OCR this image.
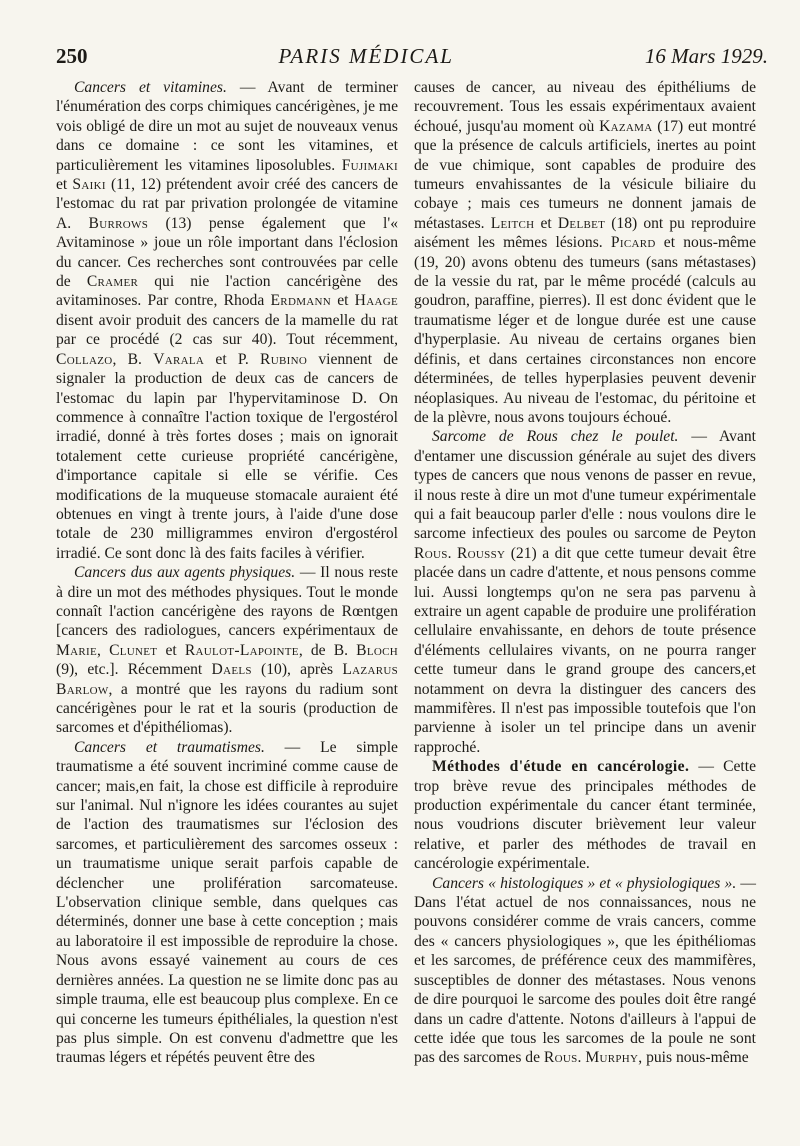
250	PARIS MÉDICAL	16 Mars 1929.

Cancers et vitamines. — Avant de terminer l'énumération des corps chimiques cancérigènes, je me vois obligé de dire un mot au sujet de nouveaux venus dans ce domaine : ce sont les vitamines, et particulièrement les vitamines liposolubles. Fujimaki et Saiki (11, 12) prétendent avoir créé des cancers de l'estomac du rat par privation prolongée de vitamine A. Burrows (13) pense également que l'« Avitaminose » joue un rôle important dans l'éclosion du cancer. Ces recherches sont controuvées par celle de Cramer qui nie l'action cancérigène des avitaminoses. Par contre, Rhoda Erdmann et Haage disent avoir produit des cancers de la mamelle du rat par ce procédé (2 cas sur 40). Tout récemment, Collazo, B. Varala et P. Rubino viennent de signaler la production de deux cas de cancers de l'estomac du lapin par l'hypervitaminose D. On commence à connaître l'action toxique de l'ergostérol irradié, donné à très fortes doses ; mais on ignorait totalement cette curieuse propriété cancérigène, d'importance capitale si elle se vérifie. Ces modifications de la muqueuse stomacale auraient été obtenues en vingt à trente jours, à l'aide d'une dose totale de 230 milligrammes environ d'ergostérol irradié. Ce sont donc là des faits faciles à vérifier.

Cancers dus aux agents physiques. — Il nous reste à dire un mot des méthodes physiques. Tout le monde connaît l'action cancérigène des rayons de Rœntgen [cancers des radiologues, cancers expérimentaux de Marie, Clunet et Raulot-Lapointe, de B. Bloch (9), etc.]. Récemment Daels (10), après Lazarus Barlow, a montré que les rayons du radium sont cancérigènes pour le rat et la souris (production de sarcomes et d'épithéliomas).

Cancers et traumatismes. — Le simple traumatisme a été souvent incriminé comme cause de cancer; mais,en fait, la chose est difficile à reproduire sur l'animal. Nul n'ignore les idées courantes au sujet de l'action des traumatismes sur l'éclosion des sarcomes, et particulièrement des sarcomes osseux : un traumatisme unique serait parfois capable de déclencher une prolifération sarcomateuse. L'observation clinique semble, dans quelques cas déterminés, donner une base à cette conception ; mais au laboratoire il est impossible de reproduire la chose. Nous avons essayé vainement au cours de ces dernières années. La question ne se limite donc pas au simple trauma, elle est beaucoup plus complexe. En ce qui concerne les tumeurs épithéliales, la question n'est pas plus simple. On est convenu d'admettre que les traumas légers et répétés peuvent être des

causes de cancer, au niveau des épithéliums de recouvrement. Tous les essais expérimentaux avaient échoué, jusqu'au moment où Kazama (17) eut montré que la présence de calculs artificiels, inertes au point de vue chimique, sont capables de produire des tumeurs envahissantes de la vésicule biliaire du cobaye ; mais ces tumeurs ne donnent jamais de métastases. Leitch et Delbet (18) ont pu reproduire aisément les mêmes lésions. Picard et nous-même (19, 20) avons obtenu des tumeurs (sans métastases) de la vessie du rat, par le même procédé (calculs au goudron, paraffine, pierres). Il est donc évident que le traumatisme léger et de longue durée est une cause d'hyperplasie. Au niveau de certains organes bien définis, et dans certaines circonstances non encore déterminées, de telles hyperplasies peuvent devenir néoplasiques. Au niveau de l'estomac, du péritoine et de la plèvre, nous avons toujours échoué.

Sarcome de Rous chez le poulet. — Avant d'entamer une discussion générale au sujet des divers types de cancers que nous venons de passer en revue, il nous reste à dire un mot d'une tumeur expérimentale qui a fait beaucoup parler d'elle : nous voulons dire le sarcome infectieux des poules ou sarcome de Peyton Rous. Roussy (21) a dit que cette tumeur devait être placée dans un cadre d'attente, et nous pensons comme lui. Aussi longtemps qu'on ne sera pas parvenu à extraire un agent capable de produire une prolifération cellulaire envahissante, en dehors de toute présence d'éléments cellulaires vivants, on ne pourra ranger cette tumeur dans le grand groupe des cancers,et notamment on devra la distinguer des cancers des mammifères. Il n'est pas impossible toutefois que l'on parvienne à isoler un tel principe dans un avenir rapproché.

Méthodes d'étude en cancérologie. — Cette trop brève revue des principales méthodes de production expérimentale du cancer étant terminée, nous voudrions discuter brièvement leur valeur relative, et parler des méthodes de travail en cancérologie expérimentale.

Cancers « histologiques » et « physiologiques ». — Dans l'état actuel de nos connaissances, nous ne pouvons considérer comme de vrais cancers, comme des « cancers physiologiques », que les épithéliomas et les sarcomes, de préférence ceux des mammifères, susceptibles de donner des métastases. Nous venons de dire pourquoi le sarcome des poules doit être rangé dans un cadre d'attente. Notons d'ailleurs à l'appui de cette idée que tous les sarcomes de la poule ne sont pas des sarcomes de Rous. Murphy, puis nous-même
